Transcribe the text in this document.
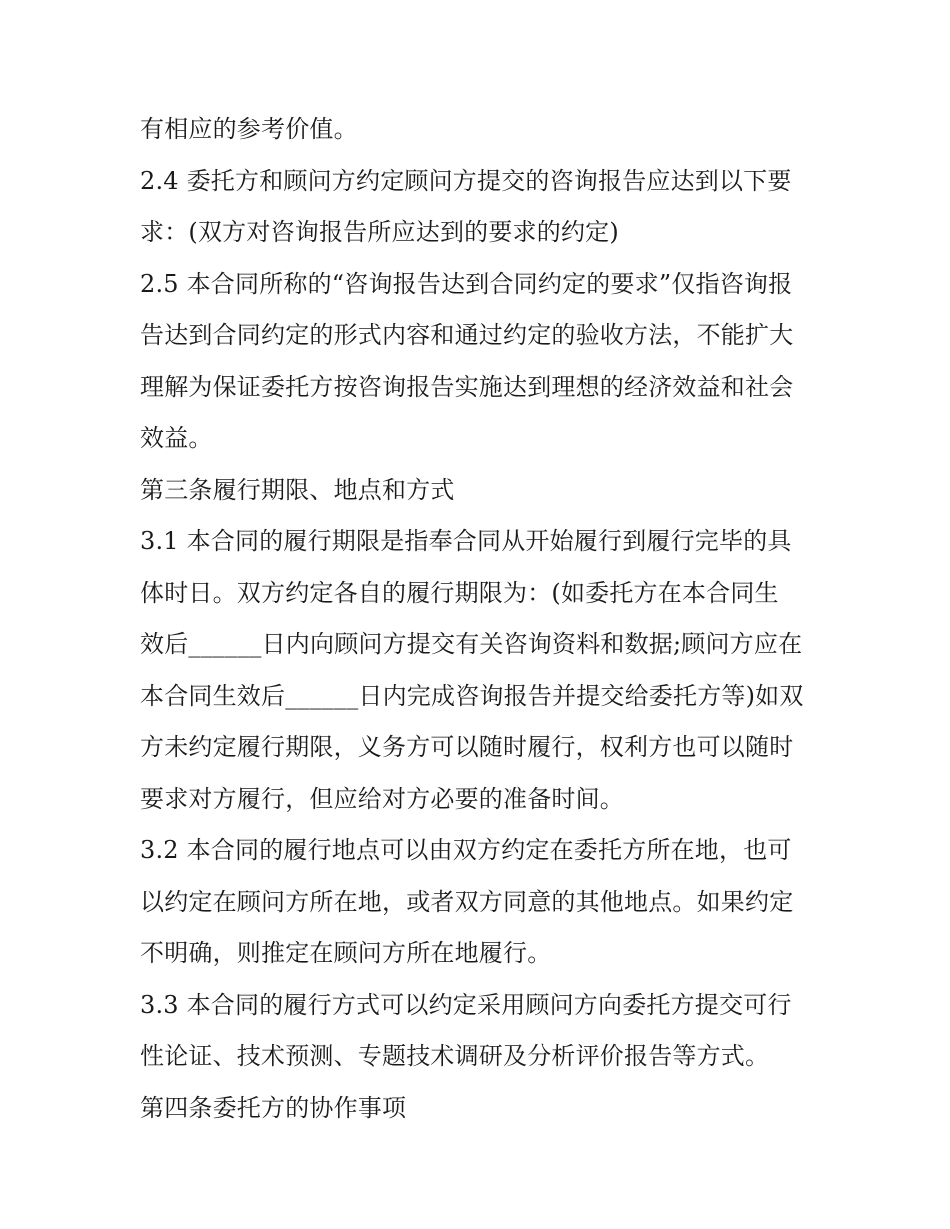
有相应的参考价值。
2.4 委托方和顾问方约定顾问方提交的咨询报告应达到以下要
求：(双方对咨询报告所应达到的要求的约定)
2.5 本合同所称的“咨询报告达到合同约定的要求”仅指咨询报
告达到合同约定的形式内容和通过约定的验收方法，不能扩大
理解为保证委托方按咨询报告实施达到理想的经济效益和社会
效益。
第三条履行期限、地点和方式
3.1 本合同的履行期限是指奉合同从开始履行到履行完毕的具
体时日。双方约定各自的履行期限为：(如委托方在本合同生
效后______日内向顾问方提交有关咨询资料和数据;顾问方应在
本合同生效后______日内完成咨询报告并提交给委托方等)如双
方未约定履行期限，义务方可以随时履行，权利方也可以随时
要求对方履行，但应给对方必要的准备时间。
3.2 本合同的履行地点可以由双方约定在委托方所在地，也可
以约定在顾问方所在地，或者双方同意的其他地点。如果约定
不明确，则推定在顾问方所在地履行。
3.3 本合同的履行方式可以约定采用顾问方向委托方提交可行
性论证、技术预测、专题技术调研及分析评价报告等方式。
第四条委托方的协作事项
